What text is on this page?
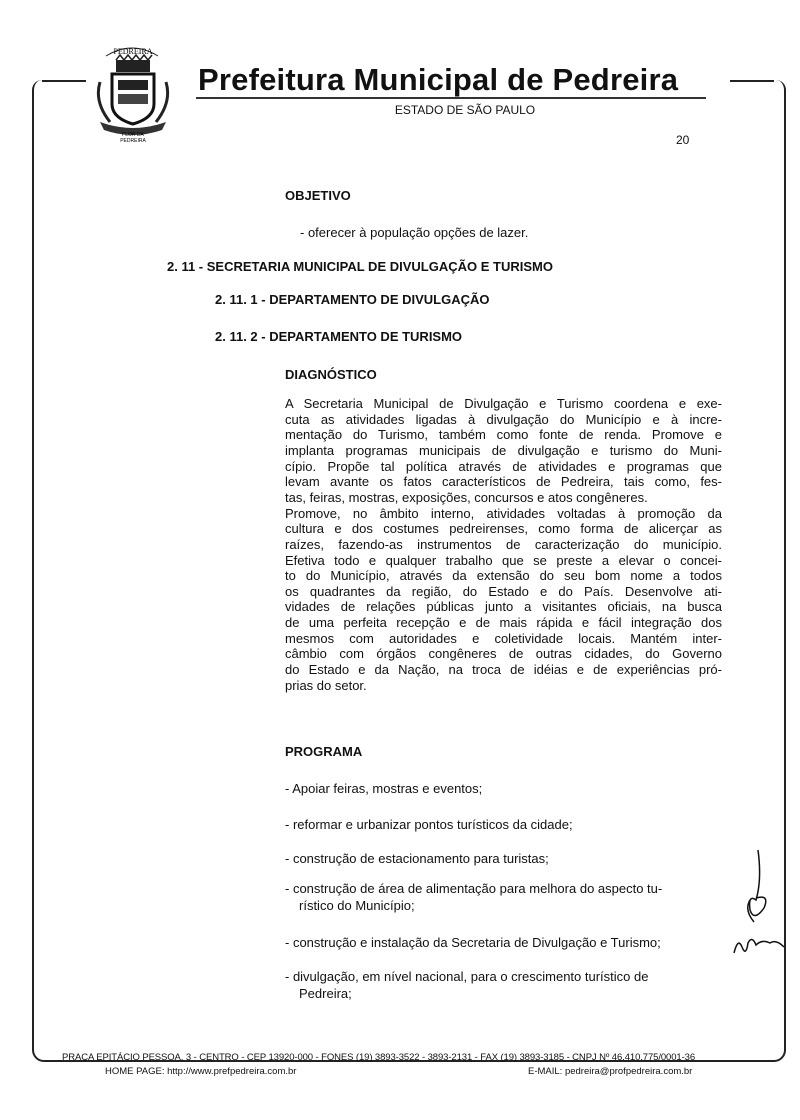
PEDREIRA
FLOR DA
PEDREIRA
Prefeitura Municipal de Pedreira
ESTADO DE SÃO PAULO
20
OBJETIVO
- oferecer à população opções de lazer.
2. 11 - SECRETARIA MUNICIPAL DE DIVULGAÇÃO E TURISMO
2. 11. 1 - DEPARTAMENTO DE DIVULGAÇÃO
2. 11. 2 - DEPARTAMENTO DE TURISMO
DIAGNÓSTICO
A Secretaria Municipal de Divulgação e Turismo coordena e exe-
cuta as atividades ligadas à divulgação do Município e à incre-
mentação do Turismo, também como fonte de renda. Promove e
implanta programas municipais de divulgação e turismo do Muni-
cípio. Propõe tal política através de atividades e programas que
levam avante os fatos característicos de Pedreira, tais como, fes-
tas, feiras, mostras, exposições, concursos e atos congêneres.
Promove, no âmbito interno, atividades voltadas à promoção da
cultura e dos costumes pedreirenses, como forma de alicerçar as
raízes, fazendo-as instrumentos de caracterização do município.
Efetiva todo e qualquer trabalho que se preste a elevar o concei-
to do Município, através da extensão do seu bom nome a todos
os quadrantes da região, do Estado e do País. Desenvolve ati-
vidades de relações públicas junto a visitantes oficiais, na busca
de uma perfeita recepção e de mais rápida e fácil integração dos
mesmos com autoridades e coletividade locais. Mantém inter-
câmbio com órgãos congêneres de outras cidades, do Governo
do Estado e da Nação, na troca de idéias e de experiências pró-
prias do setor.
PROGRAMA
- Apoiar feiras, mostras e eventos;
- reformar e urbanizar pontos turísticos da cidade;
- construção de estacionamento para turistas;
- construção de área de alimentação para melhora do aspecto tu-
rístico do Município;
- construção e instalação da Secretaria de Divulgação e Turismo;
- divulgação, em nível nacional, para o crescimento turístico de
Pedreira;
PRAÇA EPITÁCIO PESSOA, 3 - CENTRO - CEP 13920-000 - FONES (19) 3893-3522 - 3893-2131 - FAX (19) 3893-3185 - CNPJ Nº 46.410.775/0001-36
HOME PAGE: http://www.prefpedreira.com.br	E-MAIL: pedreira@profpedreira.com.br
